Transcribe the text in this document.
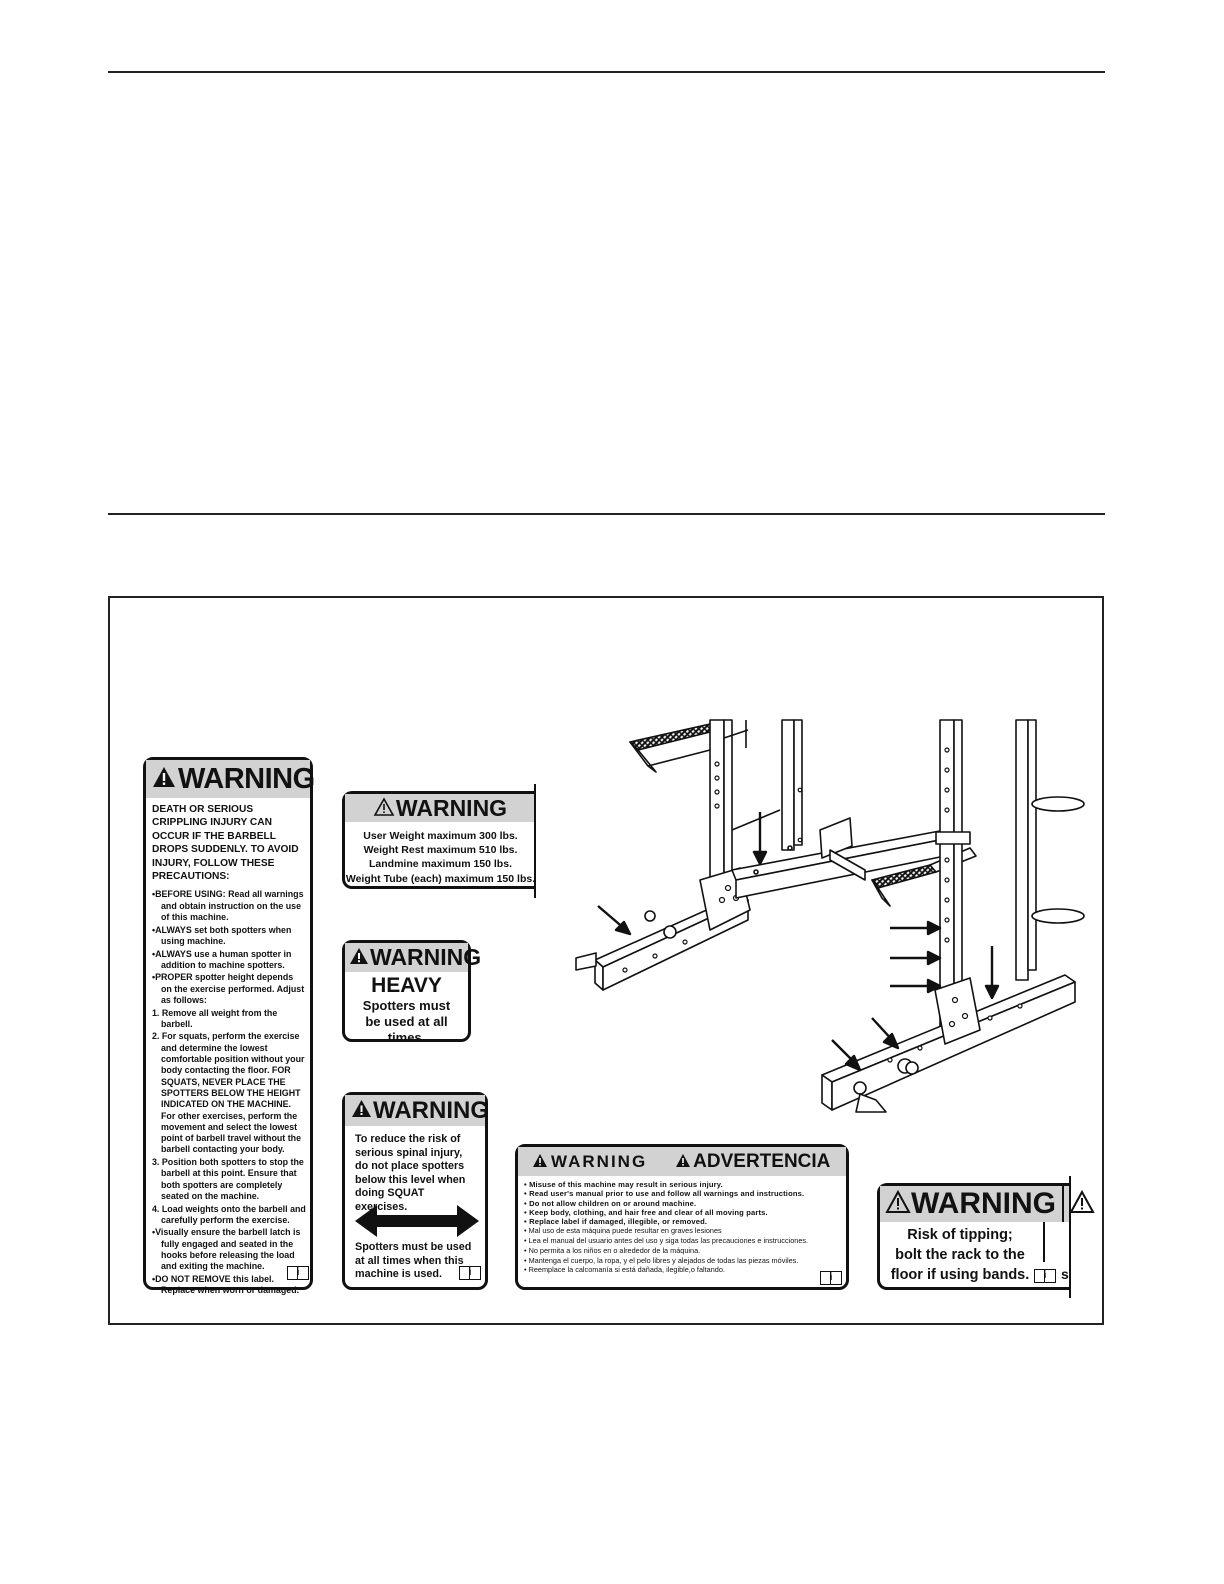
WARNING
DEATH OR SERIOUS CRIPPLING INJURY CAN OCCUR IF THE BARBELL DROPS SUDDENLY. TO AVOID INJURY, FOLLOW THESE PRECAUTIONS:
•BEFORE USING: Read all warnings and obtain instruction on the use of this machine.
•ALWAYS set both spotters when using machine.
•ALWAYS use a human spotter in addition to machine spotters.
•PROPER spotter height depends on the exercise performed. Adjust as follows:
1. Remove all weight from the barbell.
2. For squats, perform the exercise and determine the lowest comfortable position without your body contacting the floor. FOR SQUATS, NEVER PLACE THE SPOTTERS BELOW THE HEIGHT INDICATED ON THE MACHINE. For other exercises, perform the movement and select the lowest point of barbell travel without the barbell contacting your body.
3. Position both spotters to stop the barbell at this point. Ensure that both spotters are completely seated on the machine.
4. Load weights onto the barbell and carefully perform the exercise.
•Visually ensure the barbell latch is fully engaged and seated in the hooks before releasing the load and exiting the machine.
•DO NOT REMOVE this label. Replace when worn or damaged.
i
WARNING
User Weight maximum 300 lbs.
Weight Rest maximum 510 lbs.
Landmine maximum 150 lbs.
Weight Tube (each) maximum 150 lbs.
WARNING
HEAVY
Spotters must be used at all times.
WARNING
To reduce the risk of serious spinal injury, do not place spotters below this level when doing SQUAT exercises.
Spotters must be used at all times when this machine is used.	i
WARNING ADVERTENCIA
• Misuse of this machine may result in serious injury.
• Read user's manual prior to use and follow all warnings and instructions.
• Do not allow children on or around machine.
• Keep body, clothing, and hair free and clear of all moving parts.
• Replace label if damaged, illegible, or removed.
• Mal uso de esta máquina puede resultar en graves lesiones
• Lea el manual del usuario antes del uso y siga todas las precauciones e instrucciones.
• No permita a los niños en o alrededor de la máquina.
• Mantenga el cuerpo, la ropa, y el pelo libres y alejados de todas las piezas móviles.
• Reemplace la calcomanía si está dañada, ilegible,o faltando.
i
WARNING
Risk of tipping;
bolt the rack to the
floor if using bands.	i	s
